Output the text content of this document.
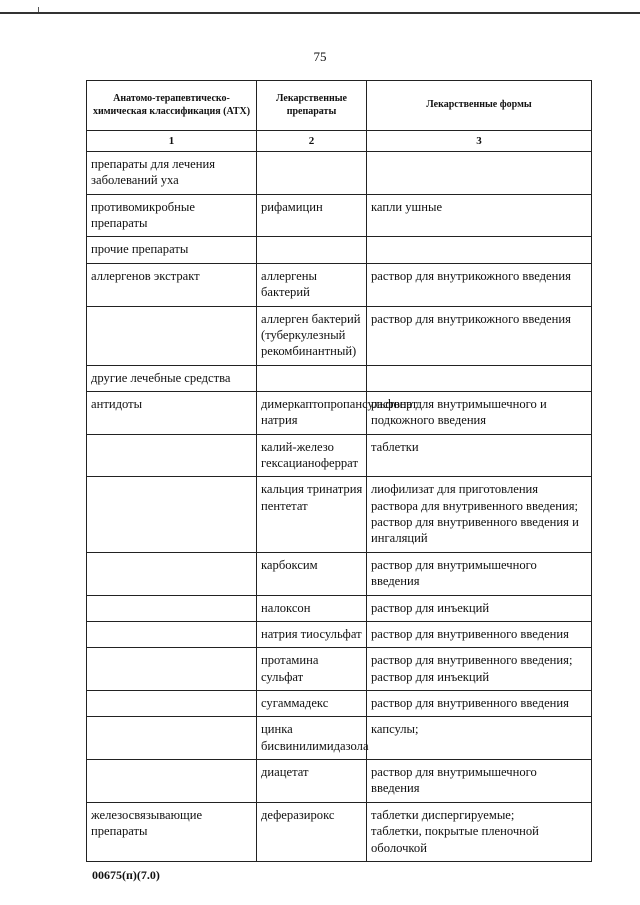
75
Анатомо-терапевтическо-химическая классификация (АТХ)	Лекарственные препараты	Лекарственные формы
1	2	3
препараты для лечения заболеваний уха		
противомикробные препараты	рифамицин	капли ушные

прочие препараты		
аллергенов экстракт	аллергены бактерий	раствор для внутрикожного введения

	аллерген бактерий (туберкулезный рекомбинантный)	раствор для внутрикожного введения

другие лечебные средства		
антидоты	димеркаптопропансульфонат натрия	раствор для внутримышечного и подкожного введения

	калий-железо гексацианоферрат	таблетки

	кальция тринатрия пентетат	лиофилизат для приготовления раствора для внутривенного введения;
раствор для внутривенного введения и ингаляций

	карбоксим	раствор для внутримышечного введения

	налоксон	раствор для инъекций

	натрия тиосульфат	раствор для внутривенного введения

	протамина сульфат	раствор для внутривенного введения;
раствор для инъекций

	сугаммадекс	раствор для внутривенного введения

	цинка бисвинилимидазола	капсулы;

	диацетат	раствор для внутримышечного введения

железосвязывающие препараты	деферазирокс	таблетки диспергируемые;
таблетки, покрытые пленочной оболочкой
00675(п)(7.0)
